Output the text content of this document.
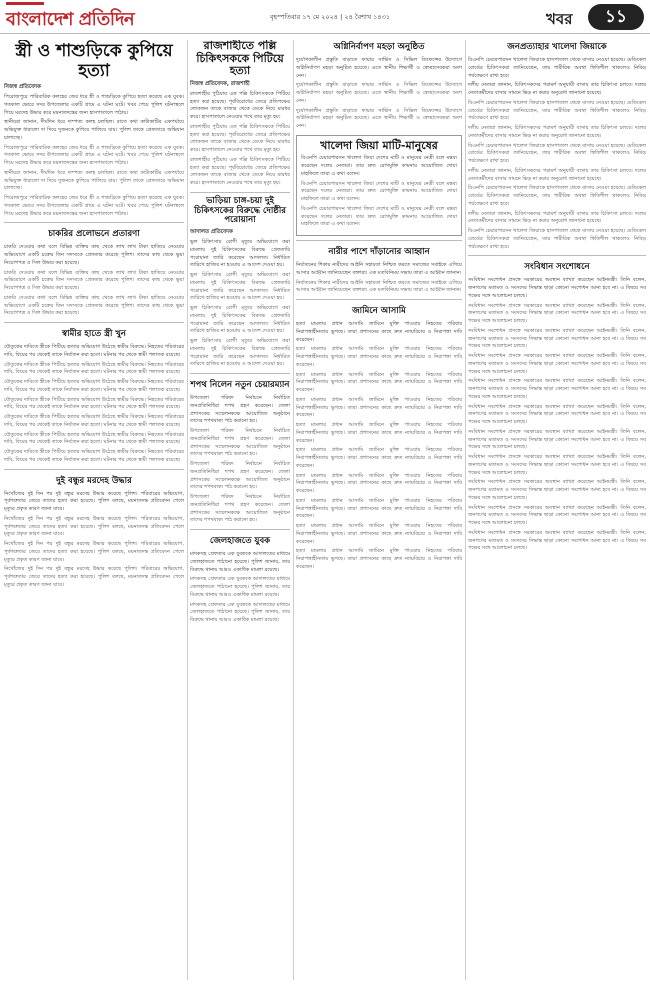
বাংলাদেশ প্রতিদিন	বৃহস্পতিবার ১৭ মে ২০২৪ | ২৪ বৈশাখ ১৪৩১	খবর	১১
স্ত্রী ও শাশুড়িকে কুপিয়ে হত্যা
নিজস্ব প্রতিবেদক

পিরোজপুরে পারিবারিক কলহের জের ধরে স্ত্রী ও শাশুড়িকে কুপিয়ে হত্যা করেছে এক যুবক। গতকাল ভোরে সদর উপজেলার একটি গ্রামে এ ঘটনা ঘটে। খবর পেয়ে পুলিশ ঘটনাস্থলে গিয়ে মরদেহ উদ্ধার করে ময়নাতদন্তের জন্য হাসপাতালে পাঠায়।

স্থানীয়রা জানান, দীর্ঘদিন ধরে দাম্পত্য কলহ চলছিল। রাতে কথা কাটাকাটির একপর্যায়ে অভিযুক্ত ধারালো দা দিয়ে দুজনকে কুপিয়ে পালিয়ে যায়। পুলিশ তাকে গ্রেফতারে অভিযান চালাচ্ছে।

পিরোজপুরে পারিবারিক কলহের জের ধরে স্ত্রী ও শাশুড়িকে কুপিয়ে হত্যা করেছে এক যুবক। গতকাল ভোরে সদর উপজেলার একটি গ্রামে এ ঘটনা ঘটে। খবর পেয়ে পুলিশ ঘটনাস্থলে গিয়ে মরদেহ উদ্ধার করে ময়নাতদন্তের জন্য হাসপাতালে পাঠায়।

স্থানীয়রা জানান, দীর্ঘদিন ধরে দাম্পত্য কলহ চলছিল। রাতে কথা কাটাকাটির একপর্যায়ে অভিযুক্ত ধারালো দা দিয়ে দুজনকে কুপিয়ে পালিয়ে যায়। পুলিশ তাকে গ্রেফতারে অভিযান চালাচ্ছে।

পিরোজপুরে পারিবারিক কলহের জের ধরে স্ত্রী ও শাশুড়িকে কুপিয়ে হত্যা করেছে এক যুবক। গতকাল ভোরে সদর উপজেলার একটি গ্রামে এ ঘটনা ঘটে। খবর পেয়ে পুলিশ ঘটনাস্থলে গিয়ে মরদেহ উদ্ধার করে ময়নাতদন্তের জন্য হাসপাতালে পাঠায়।

চাকরির প্রলোভনে প্রতারণা

চাকরি দেওয়ার কথা বলে বিভিন্ন ব্যক্তির কাছ থেকে লাখ লাখ টাকা হাতিয়ে নেওয়ার অভিযোগে একটি চক্রের তিন সদস্যকে গ্রেফতার করেছে পুলিশ। তাদের কাছ থেকে ভুয়া নিয়োগপত্র ও সিল উদ্ধার করা হয়েছে।

চাকরি দেওয়ার কথা বলে বিভিন্ন ব্যক্তির কাছ থেকে লাখ লাখ টাকা হাতিয়ে নেওয়ার অভিযোগে একটি চক্রের তিন সদস্যকে গ্রেফতার করেছে পুলিশ। তাদের কাছ থেকে ভুয়া নিয়োগপত্র ও সিল উদ্ধার করা হয়েছে।

চাকরি দেওয়ার কথা বলে বিভিন্ন ব্যক্তির কাছ থেকে লাখ লাখ টাকা হাতিয়ে নেওয়ার অভিযোগে একটি চক্রের তিন সদস্যকে গ্রেফতার করেছে পুলিশ। তাদের কাছ থেকে ভুয়া নিয়োগপত্র ও সিল উদ্ধার করা হয়েছে।

স্বামীর হাতে স্ত্রী খুন

যৌতুকের দাবিতে স্ত্রীকে পিটিয়ে হত্যার অভিযোগ উঠেছে স্বামীর বিরুদ্ধে। নিহতের পরিবারের দাবি, বিয়ের পর থেকেই তাকে নির্যাতন করা হতো। ঘটনার পর থেকে স্বামী পলাতক রয়েছে।

যৌতুকের দাবিতে স্ত্রীকে পিটিয়ে হত্যার অভিযোগ উঠেছে স্বামীর বিরুদ্ধে। নিহতের পরিবারের দাবি, বিয়ের পর থেকেই তাকে নির্যাতন করা হতো। ঘটনার পর থেকে স্বামী পলাতক রয়েছে।

যৌতুকের দাবিতে স্ত্রীকে পিটিয়ে হত্যার অভিযোগ উঠেছে স্বামীর বিরুদ্ধে। নিহতের পরিবারের দাবি, বিয়ের পর থেকেই তাকে নির্যাতন করা হতো। ঘটনার পর থেকে স্বামী পলাতক রয়েছে।

যৌতুকের দাবিতে স্ত্রীকে পিটিয়ে হত্যার অভিযোগ উঠেছে স্বামীর বিরুদ্ধে। নিহতের পরিবারের দাবি, বিয়ের পর থেকেই তাকে নির্যাতন করা হতো। ঘটনার পর থেকে স্বামী পলাতক রয়েছে।

যৌতুকের দাবিতে স্ত্রীকে পিটিয়ে হত্যার অভিযোগ উঠেছে স্বামীর বিরুদ্ধে। নিহতের পরিবারের দাবি, বিয়ের পর থেকেই তাকে নির্যাতন করা হতো। ঘটনার পর থেকে স্বামী পলাতক রয়েছে।

যৌতুকের দাবিতে স্ত্রীকে পিটিয়ে হত্যার অভিযোগ উঠেছে স্বামীর বিরুদ্ধে। নিহতের পরিবারের দাবি, বিয়ের পর থেকেই তাকে নির্যাতন করা হতো। ঘটনার পর থেকে স্বামী পলাতক রয়েছে।

যৌতুকের দাবিতে স্ত্রীকে পিটিয়ে হত্যার অভিযোগ উঠেছে স্বামীর বিরুদ্ধে। নিহতের পরিবারের দাবি, বিয়ের পর থেকেই তাকে নির্যাতন করা হতো। ঘটনার পর থেকে স্বামী পলাতক রয়েছে।

দুই বন্ধুর মরদেহ উদ্ধার

নিখোঁজের দুই দিন পর দুই বন্ধুর মরদেহ উদ্ধার করেছে পুলিশ। পরিবারের অভিযোগ, পূর্বশত্রুতার জেরে তাদের হত্যা করা হয়েছে। পুলিশ বলছে, ময়নাতদন্ত প্রতিবেদন পেলে মৃত্যুর প্রকৃত কারণ জানা যাবে।

নিখোঁজের দুই দিন পর দুই বন্ধুর মরদেহ উদ্ধার করেছে পুলিশ। পরিবারের অভিযোগ, পূর্বশত্রুতার জেরে তাদের হত্যা করা হয়েছে। পুলিশ বলছে, ময়নাতদন্ত প্রতিবেদন পেলে মৃত্যুর প্রকৃত কারণ জানা যাবে।

নিখোঁজের দুই দিন পর দুই বন্ধুর মরদেহ উদ্ধার করেছে পুলিশ। পরিবারের অভিযোগ, পূর্বশত্রুতার জেরে তাদের হত্যা করা হয়েছে। পুলিশ বলছে, ময়নাতদন্ত প্রতিবেদন পেলে মৃত্যুর প্রকৃত কারণ জানা যাবে।

নিখোঁজের দুই দিন পর দুই বন্ধুর মরদেহ উদ্ধার করেছে পুলিশ। পরিবারের অভিযোগ, পূর্বশত্রুতার জেরে তাদের হত্যা করা হয়েছে। পুলিশ বলছে, ময়নাতদন্ত প্রতিবেদন পেলে মৃত্যুর প্রকৃত কারণ জানা যাবে।

রাজশাহীতে পল্লি চিকিৎসককে পিটিয়ে হত্যা
নিজস্ব প্রতিবেদক, রাজশাহী

রাজশাহীর পুঠিয়ায় এক পল্লি চিকিৎসককে পিটিয়ে হত্যা করা হয়েছে। পূর্ববিরোধের জেরে প্রতিপক্ষের লোকজন তাকে বাজার থেকে ডেকে নিয়ে মারধর করে। হাসপাতালে নেওয়ার পথে তার মৃত্যু হয়।

রাজশাহীর পুঠিয়ায় এক পল্লি চিকিৎসককে পিটিয়ে হত্যা করা হয়েছে। পূর্ববিরোধের জেরে প্রতিপক্ষের লোকজন তাকে বাজার থেকে ডেকে নিয়ে মারধর করে। হাসপাতালে নেওয়ার পথে তার মৃত্যু হয়।

রাজশাহীর পুঠিয়ায় এক পল্লি চিকিৎসককে পিটিয়ে হত্যা করা হয়েছে। পূর্ববিরোধের জেরে প্রতিপক্ষের লোকজন তাকে বাজার থেকে ডেকে নিয়ে মারধর করে। হাসপাতালে নেওয়ার পথে তার মৃত্যু হয়।

ভাড়িয়া চাঙ্গ-চয়া দুই চিকিৎসকের বিরুদ্ধে দোষ্ঠীর পরোয়ানা
আদালত প্রতিবেদক

ভুল চিকিৎসায় রোগী মৃত্যুর অভিযোগে করা মামলায় দুই চিকিৎসকের বিরুদ্ধে গ্রেফতারি পরোয়ানা জারি করেছেন আদালত। নির্ধারিত তারিখে হাজির না হওয়ায় এ আদেশ দেওয়া হয়।

ভুল চিকিৎসায় রোগী মৃত্যুর অভিযোগে করা মামলায় দুই চিকিৎসকের বিরুদ্ধে গ্রেফতারি পরোয়ানা জারি করেছেন আদালত। নির্ধারিত তারিখে হাজির না হওয়ায় এ আদেশ দেওয়া হয়।

ভুল চিকিৎসায় রোগী মৃত্যুর অভিযোগে করা মামলায় দুই চিকিৎসকের বিরুদ্ধে গ্রেফতারি পরোয়ানা জারি করেছেন আদালত। নির্ধারিত তারিখে হাজির না হওয়ায় এ আদেশ দেওয়া হয়।

ভুল চিকিৎসায় রোগী মৃত্যুর অভিযোগে করা মামলায় দুই চিকিৎসকের বিরুদ্ধে গ্রেফতারি পরোয়ানা জারি করেছেন আদালত। নির্ধারিত তারিখে হাজির না হওয়ায় এ আদেশ দেওয়া হয়।

শপথ নিলেন নতুন চেয়ারম্যান

উপজেলা পরিষদ নির্বাচনে নির্বাচিত জনপ্রতিনিধিরা শপথ গ্রহণ করেছেন। জেলা প্রশাসকের সম্মেলনকক্ষে আয়োজিত অনুষ্ঠানে তাদের শপথবাক্য পাঠ করানো হয়।

উপজেলা পরিষদ নির্বাচনে নির্বাচিত জনপ্রতিনিধিরা শপথ গ্রহণ করেছেন। জেলা প্রশাসকের সম্মেলনকক্ষে আয়োজিত অনুষ্ঠানে তাদের শপথবাক্য পাঠ করানো হয়।

উপজেলা পরিষদ নির্বাচনে নির্বাচিত জনপ্রতিনিধিরা শপথ গ্রহণ করেছেন। জেলা প্রশাসকের সম্মেলনকক্ষে আয়োজিত অনুষ্ঠানে তাদের শপথবাক্য পাঠ করানো হয়।

উপজেলা পরিষদ নির্বাচনে নির্বাচিত জনপ্রতিনিধিরা শপথ গ্রহণ করেছেন। জেলা প্রশাসকের সম্মেলনকক্ষে আয়োজিত অনুষ্ঠানে তাদের শপথবাক্য পাঠ করানো হয়।

জেলহাজতে যুবক

মাদকসহ গ্রেফতার এক যুবককে আদালতের মাধ্যমে জেলহাজতে পাঠানো হয়েছে। পুলিশ জানায়, তার বিরুদ্ধে থানায় আরও একাধিক মামলা রয়েছে।

মাদকসহ গ্রেফতার এক যুবককে আদালতের মাধ্যমে জেলহাজতে পাঠানো হয়েছে। পুলিশ জানায়, তার বিরুদ্ধে থানায় আরও একাধিক মামলা রয়েছে।

মাদকসহ গ্রেফতার এক যুবককে আদালতের মাধ্যমে জেলহাজতে পাঠানো হয়েছে। পুলিশ জানায়, তার বিরুদ্ধে থানায় আরও একাধিক মামলা রয়েছে।

অগ্নিনির্বাপণ মহড়া অনুষ্ঠিত

দুর্যোগকালীন প্রস্তুতি বাড়াতে ফায়ার সার্ভিস ও সিভিল ডিফেন্সের উদ্যোগে অগ্নিনির্বাপণ মহড়া অনুষ্ঠিত হয়েছে। এতে স্থানীয় শিক্ষার্থী ও স্বেচ্ছাসেবকরা অংশ নেন।

দুর্যোগকালীন প্রস্তুতি বাড়াতে ফায়ার সার্ভিস ও সিভিল ডিফেন্সের উদ্যোগে অগ্নিনির্বাপণ মহড়া অনুষ্ঠিত হয়েছে। এতে স্থানীয় শিক্ষার্থী ও স্বেচ্ছাসেবকরা অংশ নেন।

দুর্যোগকালীন প্রস্তুতি বাড়াতে ফায়ার সার্ভিস ও সিভিল ডিফেন্সের উদ্যোগে অগ্নিনির্বাপণ মহড়া অনুষ্ঠিত হয়েছে। এতে স্থানীয় শিক্ষার্থী ও স্বেচ্ছাসেবকরা অংশ নেন।

খালেদা জিয়া মাটি-মানুষের

বিএনপি চেয়ারপারসন খালেদা জিয়া দেশের মাটি ও মানুষের নেত্রী বলে মন্তব্য করেছেন দলের নেতারা। তার দ্রুত রোগমুক্তি কামনায় আয়োজিত দোয়া মাহফিলে তারা এ কথা বলেন।

বিএনপি চেয়ারপারসন খালেদা জিয়া দেশের মাটি ও মানুষের নেত্রী বলে মন্তব্য করেছেন দলের নেতারা। তার দ্রুত রোগমুক্তি কামনায় আয়োজিত দোয়া মাহফিলে তারা এ কথা বলেন।

বিএনপি চেয়ারপারসন খালেদা জিয়া দেশের মাটি ও মানুষের নেত্রী বলে মন্তব্য করেছেন দলের নেতারা। তার দ্রুত রোগমুক্তি কামনায় আয়োজিত দোয়া মাহফিলে তারা এ কথা বলেন।

নারীর পাশে দাঁড়ানোর আহ্বান

নির্যাতনের শিকার নারীদের আইনি সহায়তা নিশ্চিত করতে সমাজের সবাইকে এগিয়ে আসার আহ্বান জানিয়েছেন বক্তারা। এক মতবিনিময় সভায় তারা এ আহ্বান জানান।

নির্যাতনের শিকার নারীদের আইনি সহায়তা নিশ্চিত করতে সমাজের সবাইকে এগিয়ে আসার আহ্বান জানিয়েছেন বক্তারা। এক মতবিনিময় সভায় তারা এ আহ্বান জানান।

জামিনে আসামি

হত্যা মামলার প্রধান আসামি জামিনে মুক্তি পাওয়ায় নিহতের পরিবার নিরাপত্তাহীনতায় ভুগছে। তারা প্রশাসনের কাছে দ্রুত ন্যায়বিচার ও নিরাপত্তা দাবি করেছেন।

হত্যা মামলার প্রধান আসামি জামিনে মুক্তি পাওয়ায় নিহতের পরিবার নিরাপত্তাহীনতায় ভুগছে। তারা প্রশাসনের কাছে দ্রুত ন্যায়বিচার ও নিরাপত্তা দাবি করেছেন।

হত্যা মামলার প্রধান আসামি জামিনে মুক্তি পাওয়ায় নিহতের পরিবার নিরাপত্তাহীনতায় ভুগছে। তারা প্রশাসনের কাছে দ্রুত ন্যায়বিচার ও নিরাপত্তা দাবি করেছেন।

হত্যা মামলার প্রধান আসামি জামিনে মুক্তি পাওয়ায় নিহতের পরিবার নিরাপত্তাহীনতায় ভুগছে। তারা প্রশাসনের কাছে দ্রুত ন্যায়বিচার ও নিরাপত্তা দাবি করেছেন।

হত্যা মামলার প্রধান আসামি জামিনে মুক্তি পাওয়ায় নিহতের পরিবার নিরাপত্তাহীনতায় ভুগছে। তারা প্রশাসনের কাছে দ্রুত ন্যায়বিচার ও নিরাপত্তা দাবি করেছেন।

হত্যা মামলার প্রধান আসামি জামিনে মুক্তি পাওয়ায় নিহতের পরিবার নিরাপত্তাহীনতায় ভুগছে। তারা প্রশাসনের কাছে দ্রুত ন্যায়বিচার ও নিরাপত্তা দাবি করেছেন।

হত্যা মামলার প্রধান আসামি জামিনে মুক্তি পাওয়ায় নিহতের পরিবার নিরাপত্তাহীনতায় ভুগছে। তারা প্রশাসনের কাছে দ্রুত ন্যায়বিচার ও নিরাপত্তা দাবি করেছেন।

হত্যা মামলার প্রধান আসামি জামিনে মুক্তি পাওয়ায় নিহতের পরিবার নিরাপত্তাহীনতায় ভুগছে। তারা প্রশাসনের কাছে দ্রুত ন্যায়বিচার ও নিরাপত্তা দাবি করেছেন।

হত্যা মামলার প্রধান আসামি জামিনে মুক্তি পাওয়ায় নিহতের পরিবার নিরাপত্তাহীনতায় ভুগছে। তারা প্রশাসনের কাছে দ্রুত ন্যায়বিচার ও নিরাপত্তা দাবি করেছেন।

হত্যা মামলার প্রধান আসামি জামিনে মুক্তি পাওয়ায় নিহতের পরিবার নিরাপত্তাহীনতায় ভুগছে। তারা প্রশাসনের কাছে দ্রুত ন্যায়বিচার ও নিরাপত্তা দাবি করেছেন।

জনপ্রত্যাহার খালেদা জিয়াকে

বিএনপি চেয়ারপারসন খালেদা জিয়াকে হাসপাতাল থেকে বাসায় নেওয়া হয়েছে। মেডিকেল বোর্ডের চিকিৎসকরা জানিয়েছেন, তার শারীরিক অবস্থা স্থিতিশীল থাকলেও নিবিড় পর্যবেক্ষণে রাখা হবে।

দলীয় নেতারা জানান, চিকিৎসকদের পরামর্শ অনুযায়ী বাসায় তার চিকিৎসা চলবে। দলের নেতাকর্মীদের বাসার সামনে ভিড় না করার অনুরোধ জানানো হয়েছে।

বিএনপি চেয়ারপারসন খালেদা জিয়াকে হাসপাতাল থেকে বাসায় নেওয়া হয়েছে। মেডিকেল বোর্ডের চিকিৎসকরা জানিয়েছেন, তার শারীরিক অবস্থা স্থিতিশীল থাকলেও নিবিড় পর্যবেক্ষণে রাখা হবে।

দলীয় নেতারা জানান, চিকিৎসকদের পরামর্শ অনুযায়ী বাসায় তার চিকিৎসা চলবে। দলের নেতাকর্মীদের বাসার সামনে ভিড় না করার অনুরোধ জানানো হয়েছে।

বিএনপি চেয়ারপারসন খালেদা জিয়াকে হাসপাতাল থেকে বাসায় নেওয়া হয়েছে। মেডিকেল বোর্ডের চিকিৎসকরা জানিয়েছেন, তার শারীরিক অবস্থা স্থিতিশীল থাকলেও নিবিড় পর্যবেক্ষণে রাখা হবে।

দলীয় নেতারা জানান, চিকিৎসকদের পরামর্শ অনুযায়ী বাসায় তার চিকিৎসা চলবে। দলের নেতাকর্মীদের বাসার সামনে ভিড় না করার অনুরোধ জানানো হয়েছে।

বিএনপি চেয়ারপারসন খালেদা জিয়াকে হাসপাতাল থেকে বাসায় নেওয়া হয়েছে। মেডিকেল বোর্ডের চিকিৎসকরা জানিয়েছেন, তার শারীরিক অবস্থা স্থিতিশীল থাকলেও নিবিড় পর্যবেক্ষণে রাখা হবে।

দলীয় নেতারা জানান, চিকিৎসকদের পরামর্শ অনুযায়ী বাসায় তার চিকিৎসা চলবে। দলের নেতাকর্মীদের বাসার সামনে ভিড় না করার অনুরোধ জানানো হয়েছে।

বিএনপি চেয়ারপারসন খালেদা জিয়াকে হাসপাতাল থেকে বাসায় নেওয়া হয়েছে। মেডিকেল বোর্ডের চিকিৎসকরা জানিয়েছেন, তার শারীরিক অবস্থা স্থিতিশীল থাকলেও নিবিড় পর্যবেক্ষণে রাখা হবে।

সংবিধান সংশোধনে

সংবিধান সংশোধন প্রসঙ্গে সরকারের অবস্থান ব্যাখ্যা করেছেন আইনমন্ত্রী। তিনি বলেন, জনগণের মতামত ও সংসদের সিদ্ধান্ত ছাড়া কোনো সংশোধন আনা হবে না। এ বিষয়ে সব পক্ষের সঙ্গে আলোচনা চলছে।

সংবিধান সংশোধন প্রসঙ্গে সরকারের অবস্থান ব্যাখ্যা করেছেন আইনমন্ত্রী। তিনি বলেন, জনগণের মতামত ও সংসদের সিদ্ধান্ত ছাড়া কোনো সংশোধন আনা হবে না। এ বিষয়ে সব পক্ষের সঙ্গে আলোচনা চলছে।

সংবিধান সংশোধন প্রসঙ্গে সরকারের অবস্থান ব্যাখ্যা করেছেন আইনমন্ত্রী। তিনি বলেন, জনগণের মতামত ও সংসদের সিদ্ধান্ত ছাড়া কোনো সংশোধন আনা হবে না। এ বিষয়ে সব পক্ষের সঙ্গে আলোচনা চলছে।

সংবিধান সংশোধন প্রসঙ্গে সরকারের অবস্থান ব্যাখ্যা করেছেন আইনমন্ত্রী। তিনি বলেন, জনগণের মতামত ও সংসদের সিদ্ধান্ত ছাড়া কোনো সংশোধন আনা হবে না। এ বিষয়ে সব পক্ষের সঙ্গে আলোচনা চলছে।

সংবিধান সংশোধন প্রসঙ্গে সরকারের অবস্থান ব্যাখ্যা করেছেন আইনমন্ত্রী। তিনি বলেন, জনগণের মতামত ও সংসদের সিদ্ধান্ত ছাড়া কোনো সংশোধন আনা হবে না। এ বিষয়ে সব পক্ষের সঙ্গে আলোচনা চলছে।

সংবিধান সংশোধন প্রসঙ্গে সরকারের অবস্থান ব্যাখ্যা করেছেন আইনমন্ত্রী। তিনি বলেন, জনগণের মতামত ও সংসদের সিদ্ধান্ত ছাড়া কোনো সংশোধন আনা হবে না। এ বিষয়ে সব পক্ষের সঙ্গে আলোচনা চলছে।

সংবিধান সংশোধন প্রসঙ্গে সরকারের অবস্থান ব্যাখ্যা করেছেন আইনমন্ত্রী। তিনি বলেন, জনগণের মতামত ও সংসদের সিদ্ধান্ত ছাড়া কোনো সংশোধন আনা হবে না। এ বিষয়ে সব পক্ষের সঙ্গে আলোচনা চলছে।

সংবিধান সংশোধন প্রসঙ্গে সরকারের অবস্থান ব্যাখ্যা করেছেন আইনমন্ত্রী। তিনি বলেন, জনগণের মতামত ও সংসদের সিদ্ধান্ত ছাড়া কোনো সংশোধন আনা হবে না। এ বিষয়ে সব পক্ষের সঙ্গে আলোচনা চলছে।

সংবিধান সংশোধন প্রসঙ্গে সরকারের অবস্থান ব্যাখ্যা করেছেন আইনমন্ত্রী। তিনি বলেন, জনগণের মতামত ও সংসদের সিদ্ধান্ত ছাড়া কোনো সংশোধন আনা হবে না। এ বিষয়ে সব পক্ষের সঙ্গে আলোচনা চলছে।

সংবিধান সংশোধন প্রসঙ্গে সরকারের অবস্থান ব্যাখ্যা করেছেন আইনমন্ত্রী। তিনি বলেন, জনগণের মতামত ও সংসদের সিদ্ধান্ত ছাড়া কোনো সংশোধন আনা হবে না। এ বিষয়ে সব পক্ষের সঙ্গে আলোচনা চলছে।

সংবিধান সংশোধন প্রসঙ্গে সরকারের অবস্থান ব্যাখ্যা করেছেন আইনমন্ত্রী। তিনি বলেন, জনগণের মতামত ও সংসদের সিদ্ধান্ত ছাড়া কোনো সংশোধন আনা হবে না। এ বিষয়ে সব পক্ষের সঙ্গে আলোচনা চলছে।
